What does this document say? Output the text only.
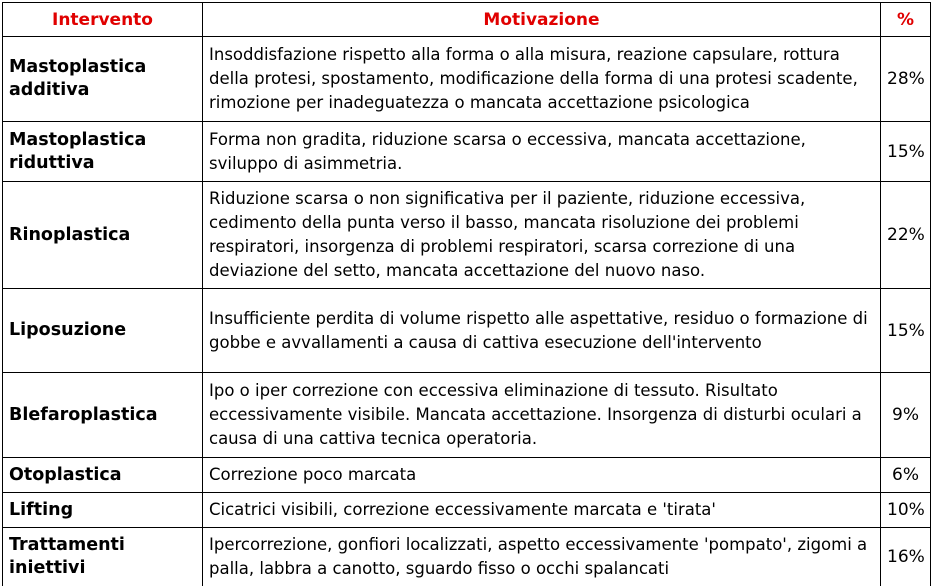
Intervento	Motivazione	%
Mastoplastica additiva	Insoddisfazione rispetto alla forma o alla misura, reazione capsulare, rottura della protesi, spostamento, modificazione della forma di una protesi scadente, rimozione per inadeguatezza o mancata accettazione psicologica	28%
Mastoplastica riduttiva	Forma non gradita, riduzione scarsa o eccessiva, mancata accettazione, sviluppo di asimmetria.	15%
Rinoplastica	Riduzione scarsa o non significativa per il paziente, riduzione eccessiva, cedimento della punta verso il basso, mancata risoluzione dei problemi respiratori, insorgenza di problemi respiratori, scarsa correzione di una deviazione del setto, mancata accettazione del nuovo naso.	22%
Liposuzione	Insufficiente perdita di volume rispetto alle aspettative, residuo o formazione di gobbe e avvallamenti a causa di cattiva esecuzione dell'intervento	15%
Blefaroplastica	Ipo o iper correzione con eccessiva eliminazione di tessuto. Risultato eccessivamente visibile. Mancata accettazione. Insorgenza di disturbi oculari a causa di una cattiva tecnica operatoria.	9%
Otoplastica	Correzione poco marcata	6%
Lifting	Cicatrici visibili, correzione eccessivamente marcata e 'tirata'	10%
Trattamenti iniettivi	Ipercorrezione, gonfiori localizzati, aspetto eccessivamente 'pompato', zigomi a palla, labbra a canotto, sguardo fisso o occhi spalancati	16%
